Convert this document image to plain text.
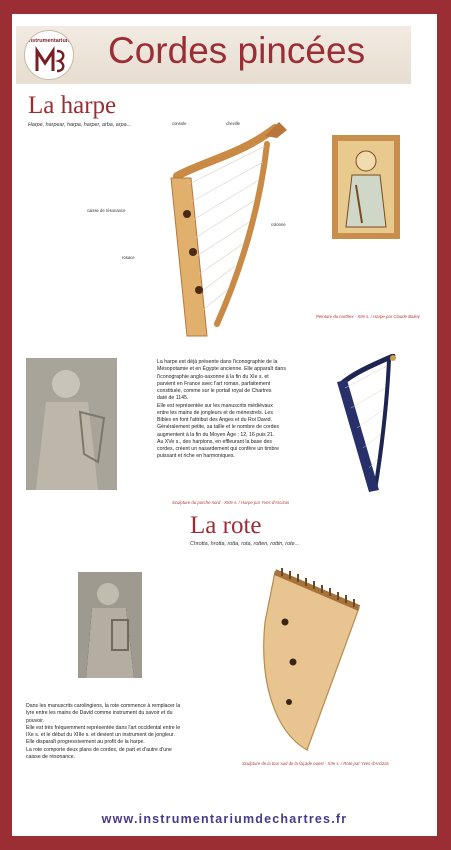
Instrumentarium Cordes pincées
La harpe

Harpe, harpear, harpa, harper, arba, arpa...	console	cheville
caisse de résonance
colonne
rosace

Peinture du narthex - XIIe s. / Harpe par Claude Bailey

La harpe est déjà présente dans l'iconographie de la
Mésopotamie et en Égypte ancienne. Elle apparaît dans
l'iconographie anglo-saxonne à la fin du XIe s. et
parvient en France avec l'art roman, parfaitement
constituée, comme sur le portail royal de Chartres
daté de 1145.
Elle est représentée sur les manuscrits médiévaux
entre les mains de jongleurs et de ménestrels. Les
Bibles en font l'attribut des Anges et du Roi David.
Généralement petite, sa taille et le nombre de cordes
augmentent à la fin du Moyen Âge : 12, 16 puis 21.
Au XVe s., des harpions, en effleurant la base des
cordes, créent un nasardement qui confère un timbre
puissant et riche en harmoniques.

Sculpture du porche nord - XIIIe s. / Harpe par Yves d'Arcizas

La rote

Chrotta, hrotta, rotta, rota, rotten, rottin, rote...

Dans les manuscrits carolingiens, la rote commence à remplacer la
lyre entre les mains de David comme instrument du savoir et du
pouvoir.
Elle est très fréquemment représentée dans l'art occidental entre le
IXe s. et le début du XIIIe s. et devient un instrument de jongleur.
Elle disparaît progressivement au profit de la harpe.
La rote comporte deux plans de cordes, de part et d'autre d'une
caisse de résonance.

Sculpture de la tour sud de la façade ouest - XIIe s. / Rote par Yves d'Arcizas

www.instrumentariumdechartres.fr
